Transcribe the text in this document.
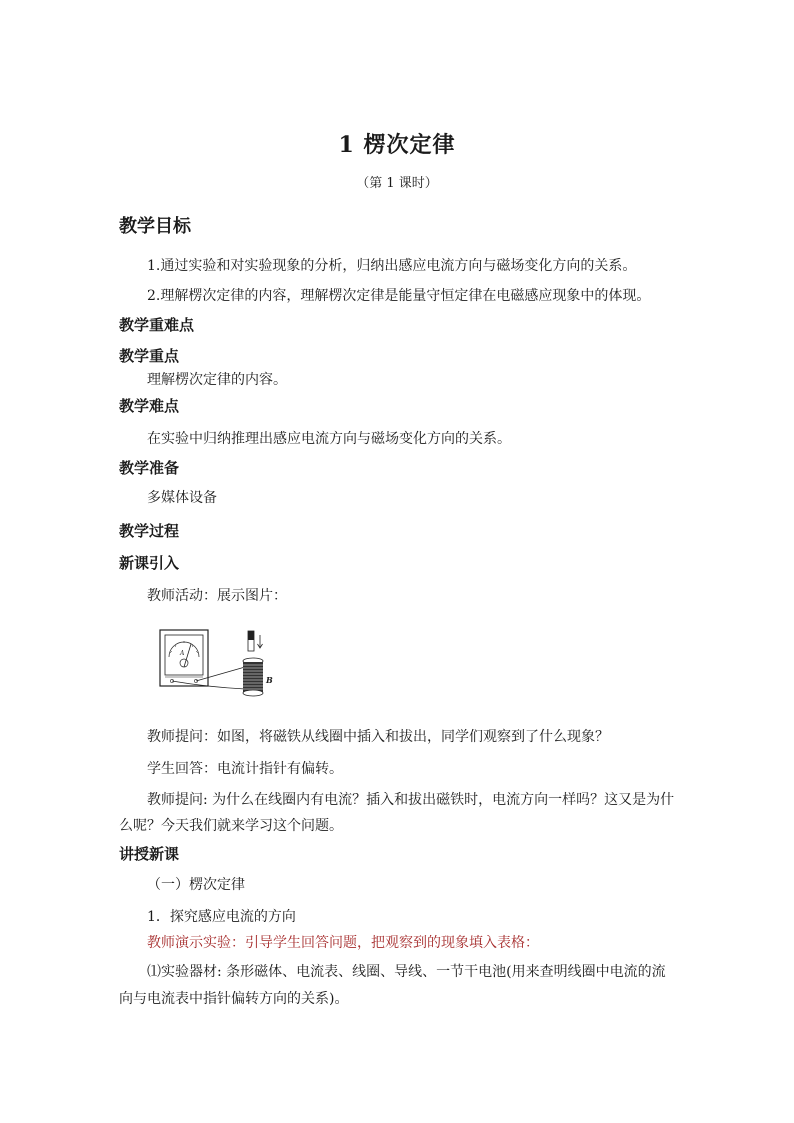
1 楞次定律
（第 1 课时）
教学目标
1.通过实验和对实验现象的分析，归纳出感应电流方向与磁场变化方向的关系。
2.理解楞次定律的内容，理解楞次定律是能量守恒定律在电磁感应现象中的体现。
教学重难点
教学重点
理解楞次定律的内容。
教学难点
在实验中归纳推理出感应电流方向与磁场变化方向的关系。
教学准备
多媒体设备
教学过程
新课引入
教师活动：展示图片：
A
B
教师提问：如图，将磁铁从线圈中插入和拔出，同学们观察到了什么现象？
学生回答：电流计指针有偏转。
教师提问: 为什么在线圈内有电流？插入和拔出磁铁时，电流方向一样吗？这又是为什
么呢？今天我们就来学习这个问题。
讲授新课
（一）楞次定律
1．探究感应电流的方向
教师演示实验：引导学生回答问题，把观察到的现象填入表格：
⑴实验器材: 条形磁体、电流表、线圈、导线、一节干电池(用来查明线圈中电流的流
向与电流表中指针偏转方向的关系)。
